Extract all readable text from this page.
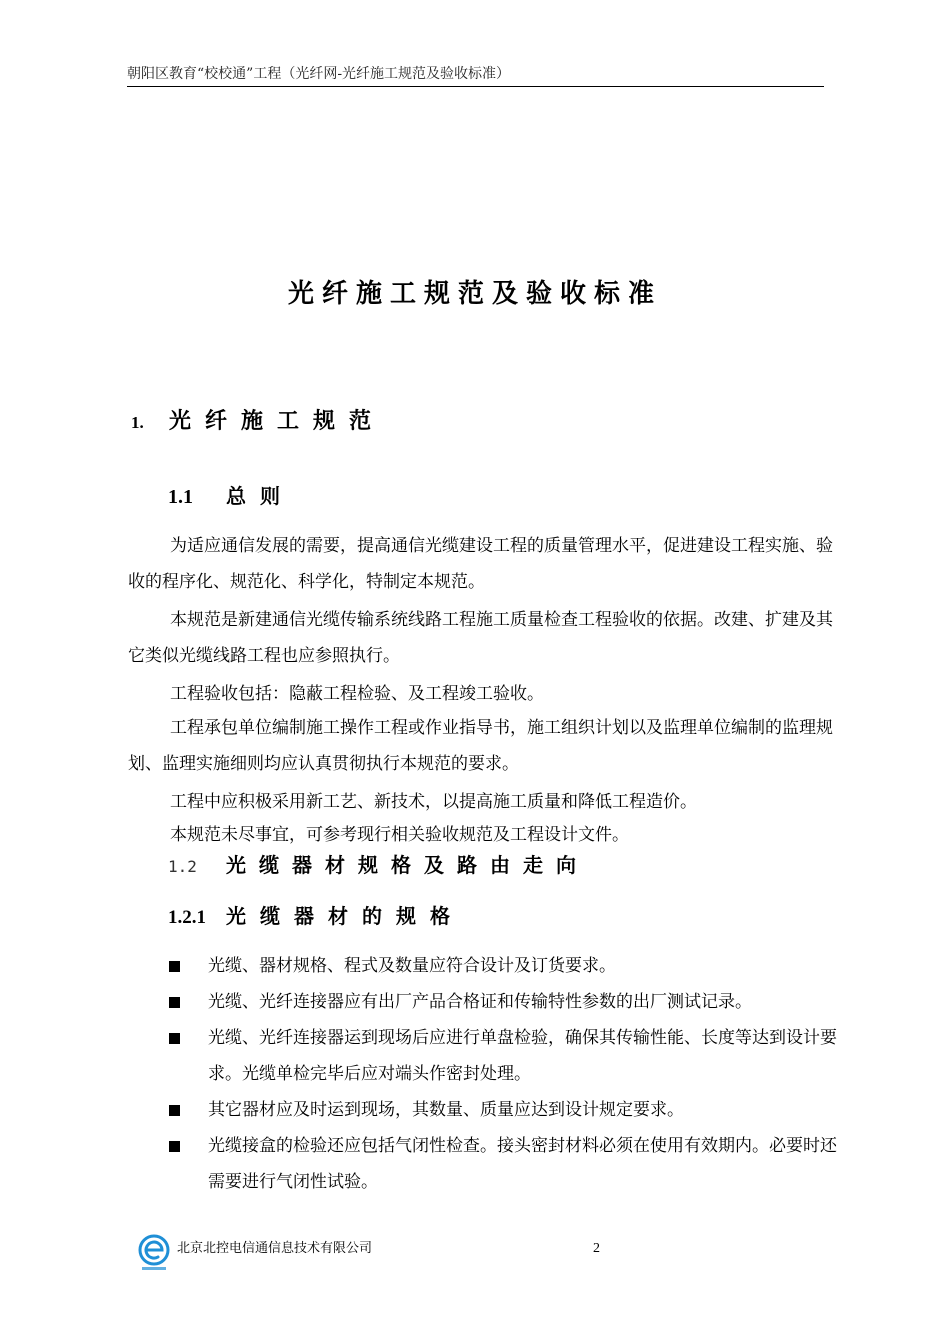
朝阳区教育“校校通”工程（光纤网-光纤施工规范及验收标准）
光纤施工规范及验收标准
1. 光纤施工规范
1.1 总则

为适应通信发展的需要，提高通信光缆建设工程的质量管理水平，促进建设工程实施、验收的程序化、规范化、科学化，特制定本规范。

本规范是新建通信光缆传输系统线路工程施工质量检查工程验收的依据。改建、扩建及其它类似光缆线路工程也应参照执行。

工程验收包括：隐蔽工程检验、及工程竣工验收。

工程承包单位编制施工操作工程或作业指导书，施工组织计划以及监理单位编制的监理规划、监理实施细则均应认真贯彻执行本规范的要求。

工程中应积极采用新工艺、新技术，以提高施工质量和降低工程造价。

本规范未尽事宜，可参考现行相关验收规范及工程设计文件。

1.2 光缆器材规格及路由走向
1.2.1 光缆器材的规格
光缆、器材规格、程式及数量应符合设计及订货要求。
光缆、光纤连接器应有出厂产品合格证和传输特性参数的出厂测试记录。
光缆、光纤连接器运到现场后应进行单盘检验，确保其传输性能、长度等达到设计要求。光缆单检完毕后应对端头作密封处理。
其它器材应及时运到现场，其数量、质量应达到设计规定要求。
光缆接盒的检验还应包括气闭性检查。接头密封材料必须在使用有效期内。必要时还需要进行气闭性试验。
北京北控电信通信息技术有限公司	2
